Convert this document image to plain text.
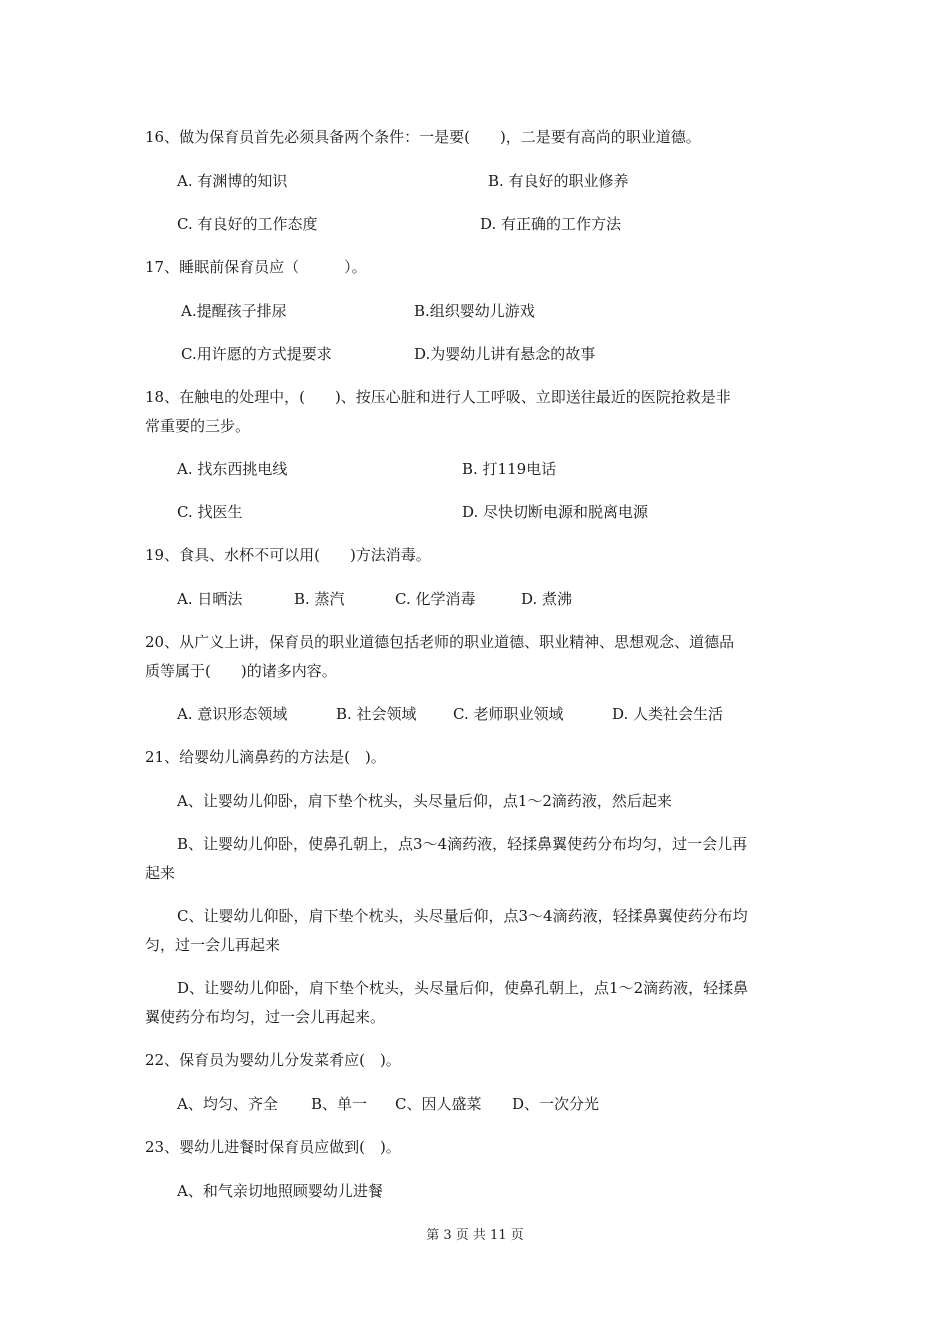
16、做为保育员首先必须具备两个条件：一是要(　　)，二是要有高尚的职业道德。
A. 有渊博的知识	B. 有良好的职业修养
C. 有良好的工作态度	D. 有正确的工作方法
17、睡眠前保育员应（　　　）。
A.提醒孩子排尿	B.组织婴幼儿游戏
C.用许愿的方式提要求	D.为婴幼儿讲有悬念的故事
18、在触电的处理中，(　　)、按压心脏和进行人工呼吸、立即送往最近的医院抢救是非
常重要的三步。
A. 找东西挑电线	B. 打119电话
C. 找医生	D. 尽快切断电源和脱离电源
19、食具、水杯不可以用(　　)方法消毒。
A. 日晒法	B. 蒸汽	C. 化学消毒	D. 煮沸
20、从广义上讲，保育员的职业道德包括老师的职业道德、职业精神、思想观念、道德品
质等属于(　　)的诸多内容。
A. 意识形态领域	B. 社会领域 C. 老师职业领域	D. 人类社会生活
21、给婴幼儿滴鼻药的方法是(　)。
A、让婴幼儿仰卧，肩下垫个枕头，头尽量后仰，点1～2滴药液，然后起来
B、让婴幼儿仰卧，使鼻孔朝上，点3～4滴药液，轻揉鼻翼使药分布均匀，过一会儿再
起来
C、让婴幼儿仰卧，肩下垫个枕头，头尽量后仰，点3～4滴药液，轻揉鼻翼使药分布均
匀，过一会儿再起来
D、让婴幼儿仰卧，肩下垫个枕头，头尽量后仰，使鼻孔朝上，点1～2滴药液，轻揉鼻
翼使药分布均匀，过一会儿再起来。
22、保育员为婴幼儿分发菜肴应(　)。
A、均匀、齐全 B、单一 C、因人盛菜 D、一次分光
23、婴幼儿进餐时保育员应做到(　)。
A、和气亲切地照顾婴幼儿进餐
第 3 页 共 11 页
